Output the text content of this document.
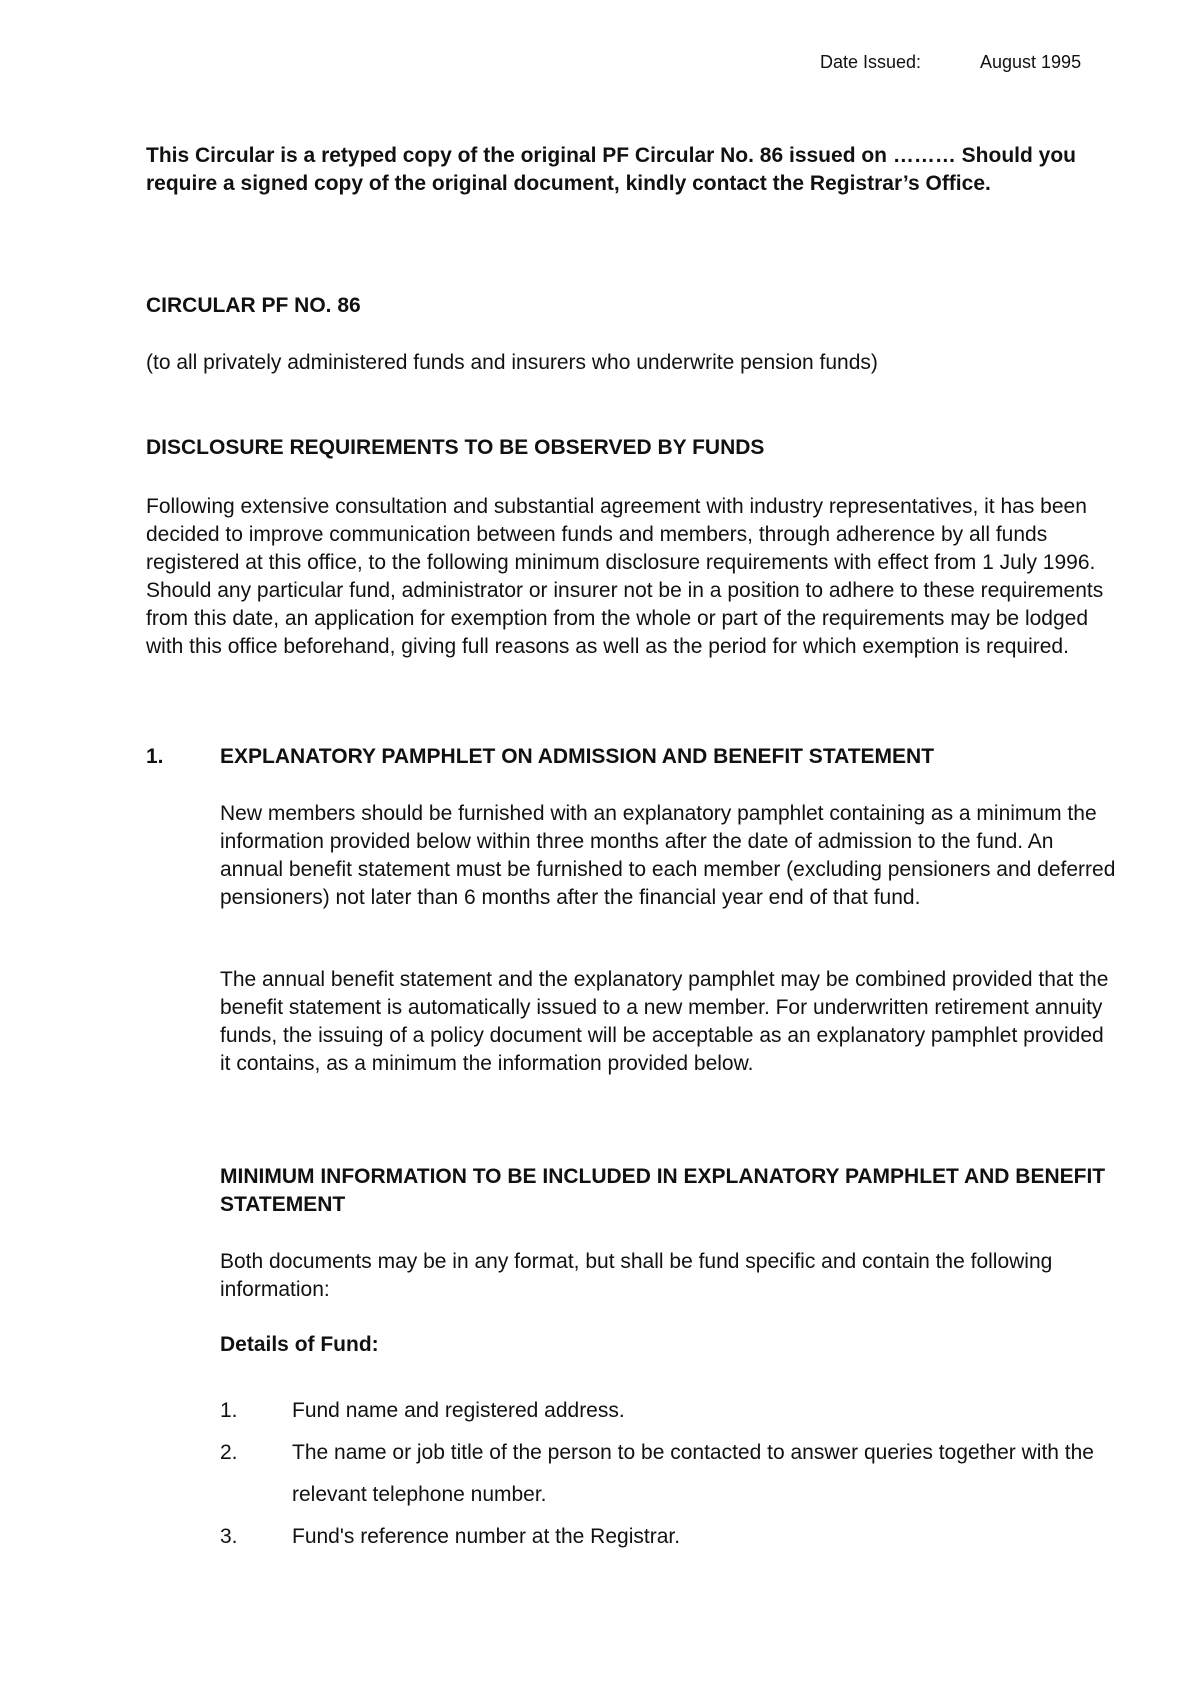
Date Issued:	August 1995
This Circular is a retyped copy of the original PF Circular No. 86 issued on ……… Should you require a signed copy of the original document, kindly contact the Registrar’s Office.
CIRCULAR PF NO. 86
(to all privately administered funds and insurers who underwrite pension funds)
DISCLOSURE REQUIREMENTS TO BE OBSERVED BY FUNDS
Following extensive consultation and substantial agreement with industry representatives, it has been decided to improve communication between funds and members, through adherence by all funds registered at this office, to the following minimum disclosure requirements with effect from 1 July 1996. Should any particular fund, administrator or insurer not be in a position to adhere to these requirements from this date, an application for exemption from the whole or part of the requirements may be lodged with this office beforehand, giving full reasons as well as the period for which exemption is required.
1.	EXPLANATORY PAMPHLET ON ADMISSION AND BENEFIT STATEMENT
New members should be furnished with an explanatory pamphlet containing as a minimum the information provided below within three months after the date of admission to the fund. An annual benefit statement must be furnished to each member (excluding pensioners and deferred pensioners) not later than 6 months after the financial year end of that fund.
The annual benefit statement and the explanatory pamphlet may be combined provided that the benefit statement is automatically issued to a new member. For underwritten retirement annuity funds, the issuing of a policy document will be acceptable as an explanatory pamphlet provided it contains, as a minimum the information provided below.
MINIMUM INFORMATION TO BE INCLUDED IN EXPLANATORY PAMPHLET AND BENEFIT STATEMENT
Both documents may be in any format, but shall be fund specific and contain the following information:
Details of Fund:
1.	Fund name and registered address.
2.	The name or job title of the person to be contacted to answer queries together with the relevant telephone number.
3.	Fund's reference number at the Registrar.
